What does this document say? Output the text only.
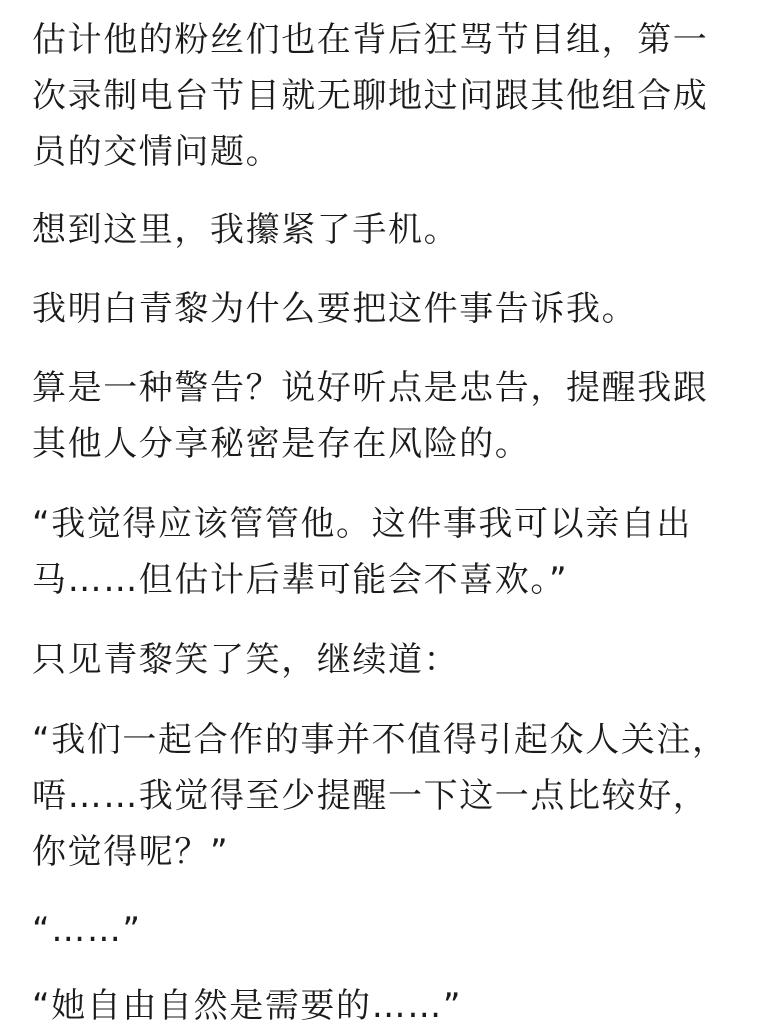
估计他的粉丝们也在背后狂骂节目组，第一次录制电台节目就无聊地过问跟其他组合成员的交情问题。

想到这里，我攥紧了手机。

我明白青黎为什么要把这件事告诉我。

算是一种警告？说好听点是忠告，提醒我跟其他人分享秘密是存在风险的。

“我觉得应该管管他。这件事我可以亲自出马……但估计后辈可能会不喜欢。”

只见青黎笑了笑，继续道：

“我们一起合作的事并不值得引起众人关注，唔……我觉得至少提醒一下这一点比较好，你觉得呢？”

“……”

“她自由自然是需要的……”
